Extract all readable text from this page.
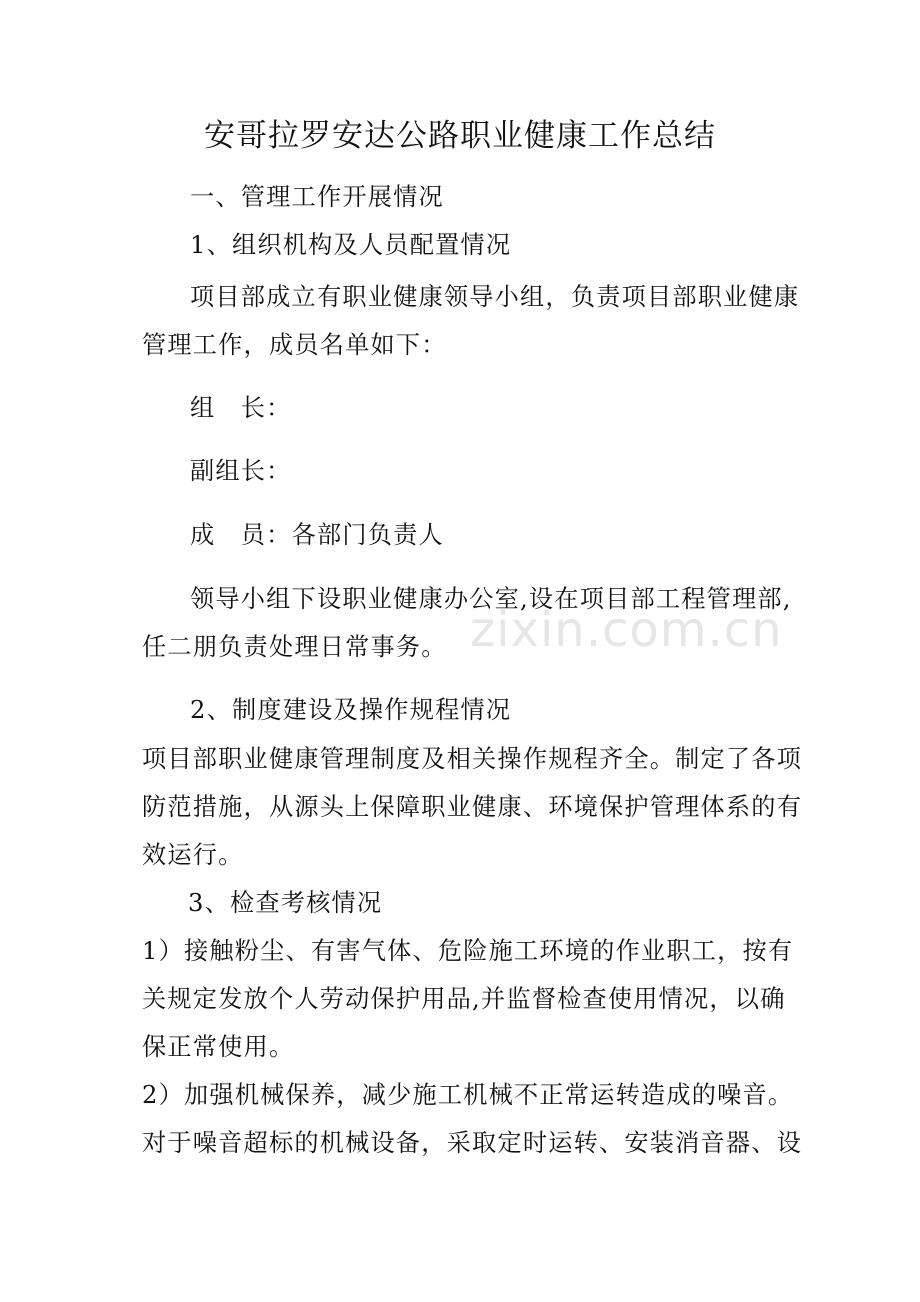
安哥拉罗安达公路职业健康工作总结
一、管理工作开展情况
1、组织机构及人员配置情况
项目部成立有职业健康领导小组，负责项目部职业健康
管理工作，成员名单如下：
组　长：
副组长：
成　员：各部门负责人
领导小组下设职业健康办公室,设在项目部工程管理部,
任二朋负责处理日常事务。
2、制度建设及操作规程情况
项目部职业健康管理制度及相关操作规程齐全。制定了各项
防范措施，从源头上保障职业健康、环境保护管理体系的有
效运行。
3、检查考核情况
1）接触粉尘、有害气体、危险施工环境的作业职工，按有
关规定发放个人劳动保护用品,并监督检查使用情况，以确
保正常使用。
2）加强机械保养，减少施工机械不正常运转造成的噪音。
对于噪音超标的机械设备，采取定时运转、安装消音器、设
zixin.com.cn
